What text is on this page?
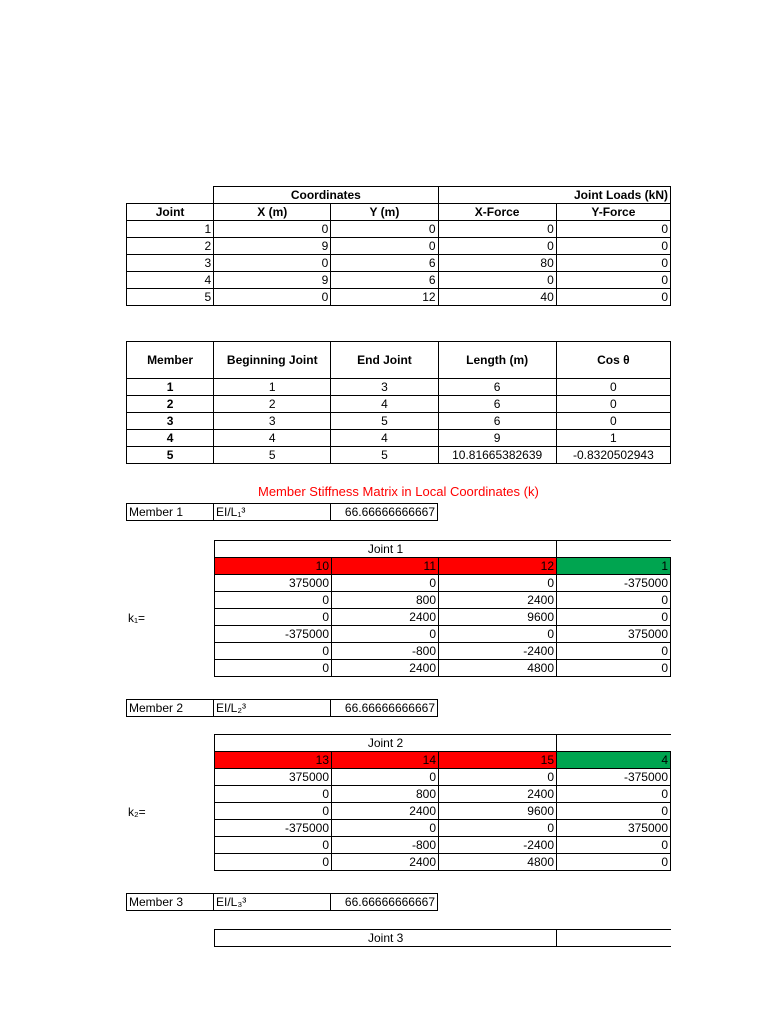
	Coordinates		Joint Loads (kN)	
Joint	X (m)	Y (m)	X-Force	Y-Force
1	0	0	0	0
2	9	0	0	0
3	0	6	80	0
4	9	6	0	0
5	0	12	40	0
Member	Beginning Joint	End Joint	Length (m)	Cos θ
1	1	3	6	0
2	2	4	6	0
3	3	5	6	0
4	4	4	9	1
5	5	5	10.81665382639	-0.8320502943
Member Stiffness Matrix in Local Coordinates (k)
Member 1	EI/L₁³	66.66666666667
Joint 1			
10	11	12	1
375000	0	0	-375000
0	800	2400	0
0	2400	9600	0
-375000	0	0	375000
0	-800	-2400	0
0	2400	4800	0
k₁=
Member 2	EI/L₂³	66.66666666667
Joint 2			
13	14	15	4
375000	0	0	-375000
0	800	2400	0
0	2400	9600	0
-375000	0	0	375000
0	-800	-2400	0
0	2400	4800	0
k₂=
Member 3	EI/L₃³	66.66666666667
Joint 3	
